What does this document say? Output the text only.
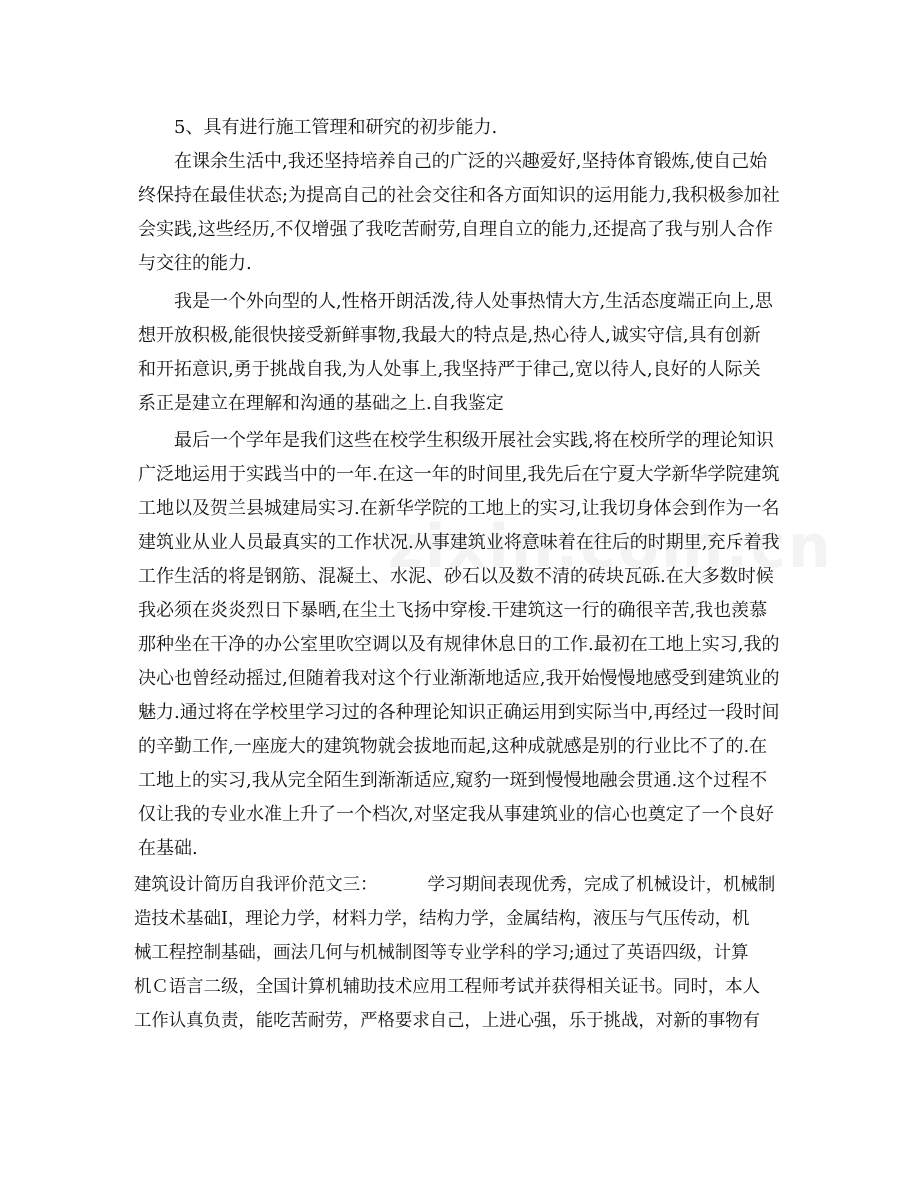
5、具有进行施工管理和研究的初步能力.
在课余生活中,我还坚持培养自己的广泛的兴趣爱好,坚持体育锻炼,使自己始
终保持在最佳状态;为提高自己的社会交往和各方面知识的运用能力,我积极参加社
会实践,这些经历,不仅增强了我吃苦耐劳,自理自立的能力,还提高了我与别人合作
与交往的能力.
我是一个外向型的人,性格开朗活泼,待人处事热情大方,生活态度端正向上,思
想开放积极,能很快接受新鲜事物,我最大的特点是,热心待人,诚实守信,具有创新
和开拓意识,勇于挑战自我,为人处事上,我坚持严于律己,宽以待人,良好的人际关
系正是建立在理解和沟通的基础之上.自我鉴定
最后一个学年是我们这些在校学生积级开展社会实践,将在校所学的理论知识
广泛地运用于实践当中的一年.在这一年的时间里,我先后在宁夏大学新华学院建筑
工地以及贺兰县城建局实习.在新华学院的工地上的实习,让我切身体会到作为一名
建筑业从业人员最真实的工作状况.从事建筑业将意味着在往后的时期里,充斥着我
工作生活的将是钢筋、混凝土、水泥、砂石以及数不清的砖块瓦砾.在大多数时候
我必须在炎炎烈日下暴晒,在尘土飞扬中穿梭.干建筑这一行的确很辛苦,我也羡慕
那种坐在干净的办公室里吹空调以及有规律休息日的工作.最初在工地上实习,我的
决心也曾经动摇过,但随着我对这个行业渐渐地适应,我开始慢慢地感受到建筑业的
魅力.通过将在学校里学习过的各种理论知识正确运用到实际当中,再经过一段时间
的辛勤工作,一座庞大的建筑物就会拔地而起,这种成就感是别的行业比不了的.在
工地上的实习,我从完全陌生到渐渐适应,窥豹一斑到慢慢地融会贯通.这个过程不
仅让我的专业水准上升了一个档次,对坚定我从事建筑业的信心也奠定了一个良好
在基础.
建筑设计简历自我评价范文三：	学习期间表现优秀，完成了机械设计，机械制
造技术基础Ⅰ，理论力学，材料力学，结构力学，金属结构，液压与气压传动，机
械工程控制基础，画法几何与机械制图等专业学科的学习;通过了英语四级，计算
机Ｃ语言二级，全国计算机辅助技术应用工程师考试并获得相关证书。同时，本人
工作认真负责，能吃苦耐劳，严格要求自己，上进心强，乐于挑战，对新的事物有
